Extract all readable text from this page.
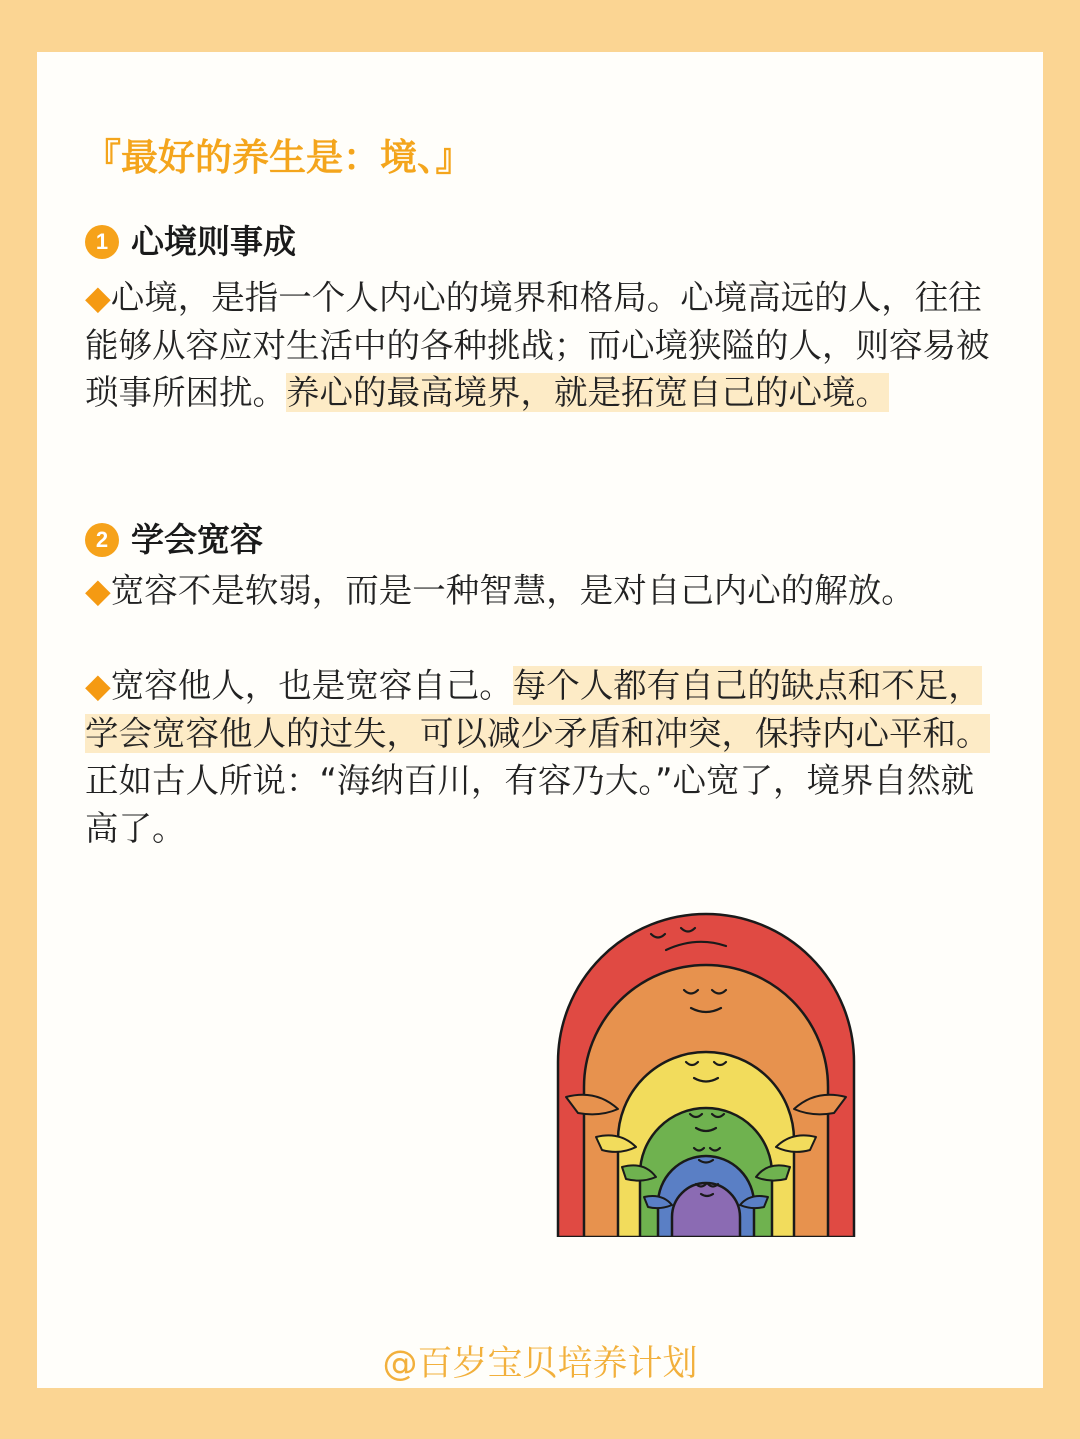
『最好的养生是：境、』
1 心境则事成

◆心境，是指一个人内心的境界和格局。心境高远的人，往往能够从容应对生活中的各种挑战；而心境狭隘的人，则容易被琐事所困扰。养心的最高境界，就是拓宽自己的心境。

2 学会宽容

◆宽容不是软弱，而是一种智慧，是对自己内心的解放。

◆宽容他人，也是宽容自己。每个人都有自己的缺点和不足，学会宽容他人的过失，可以减少矛盾和冲突，保持内心平和。正如古人所说：“海纳百川，有容乃大。”心宽了，境界自然就高了。

@百岁宝贝培养计划
